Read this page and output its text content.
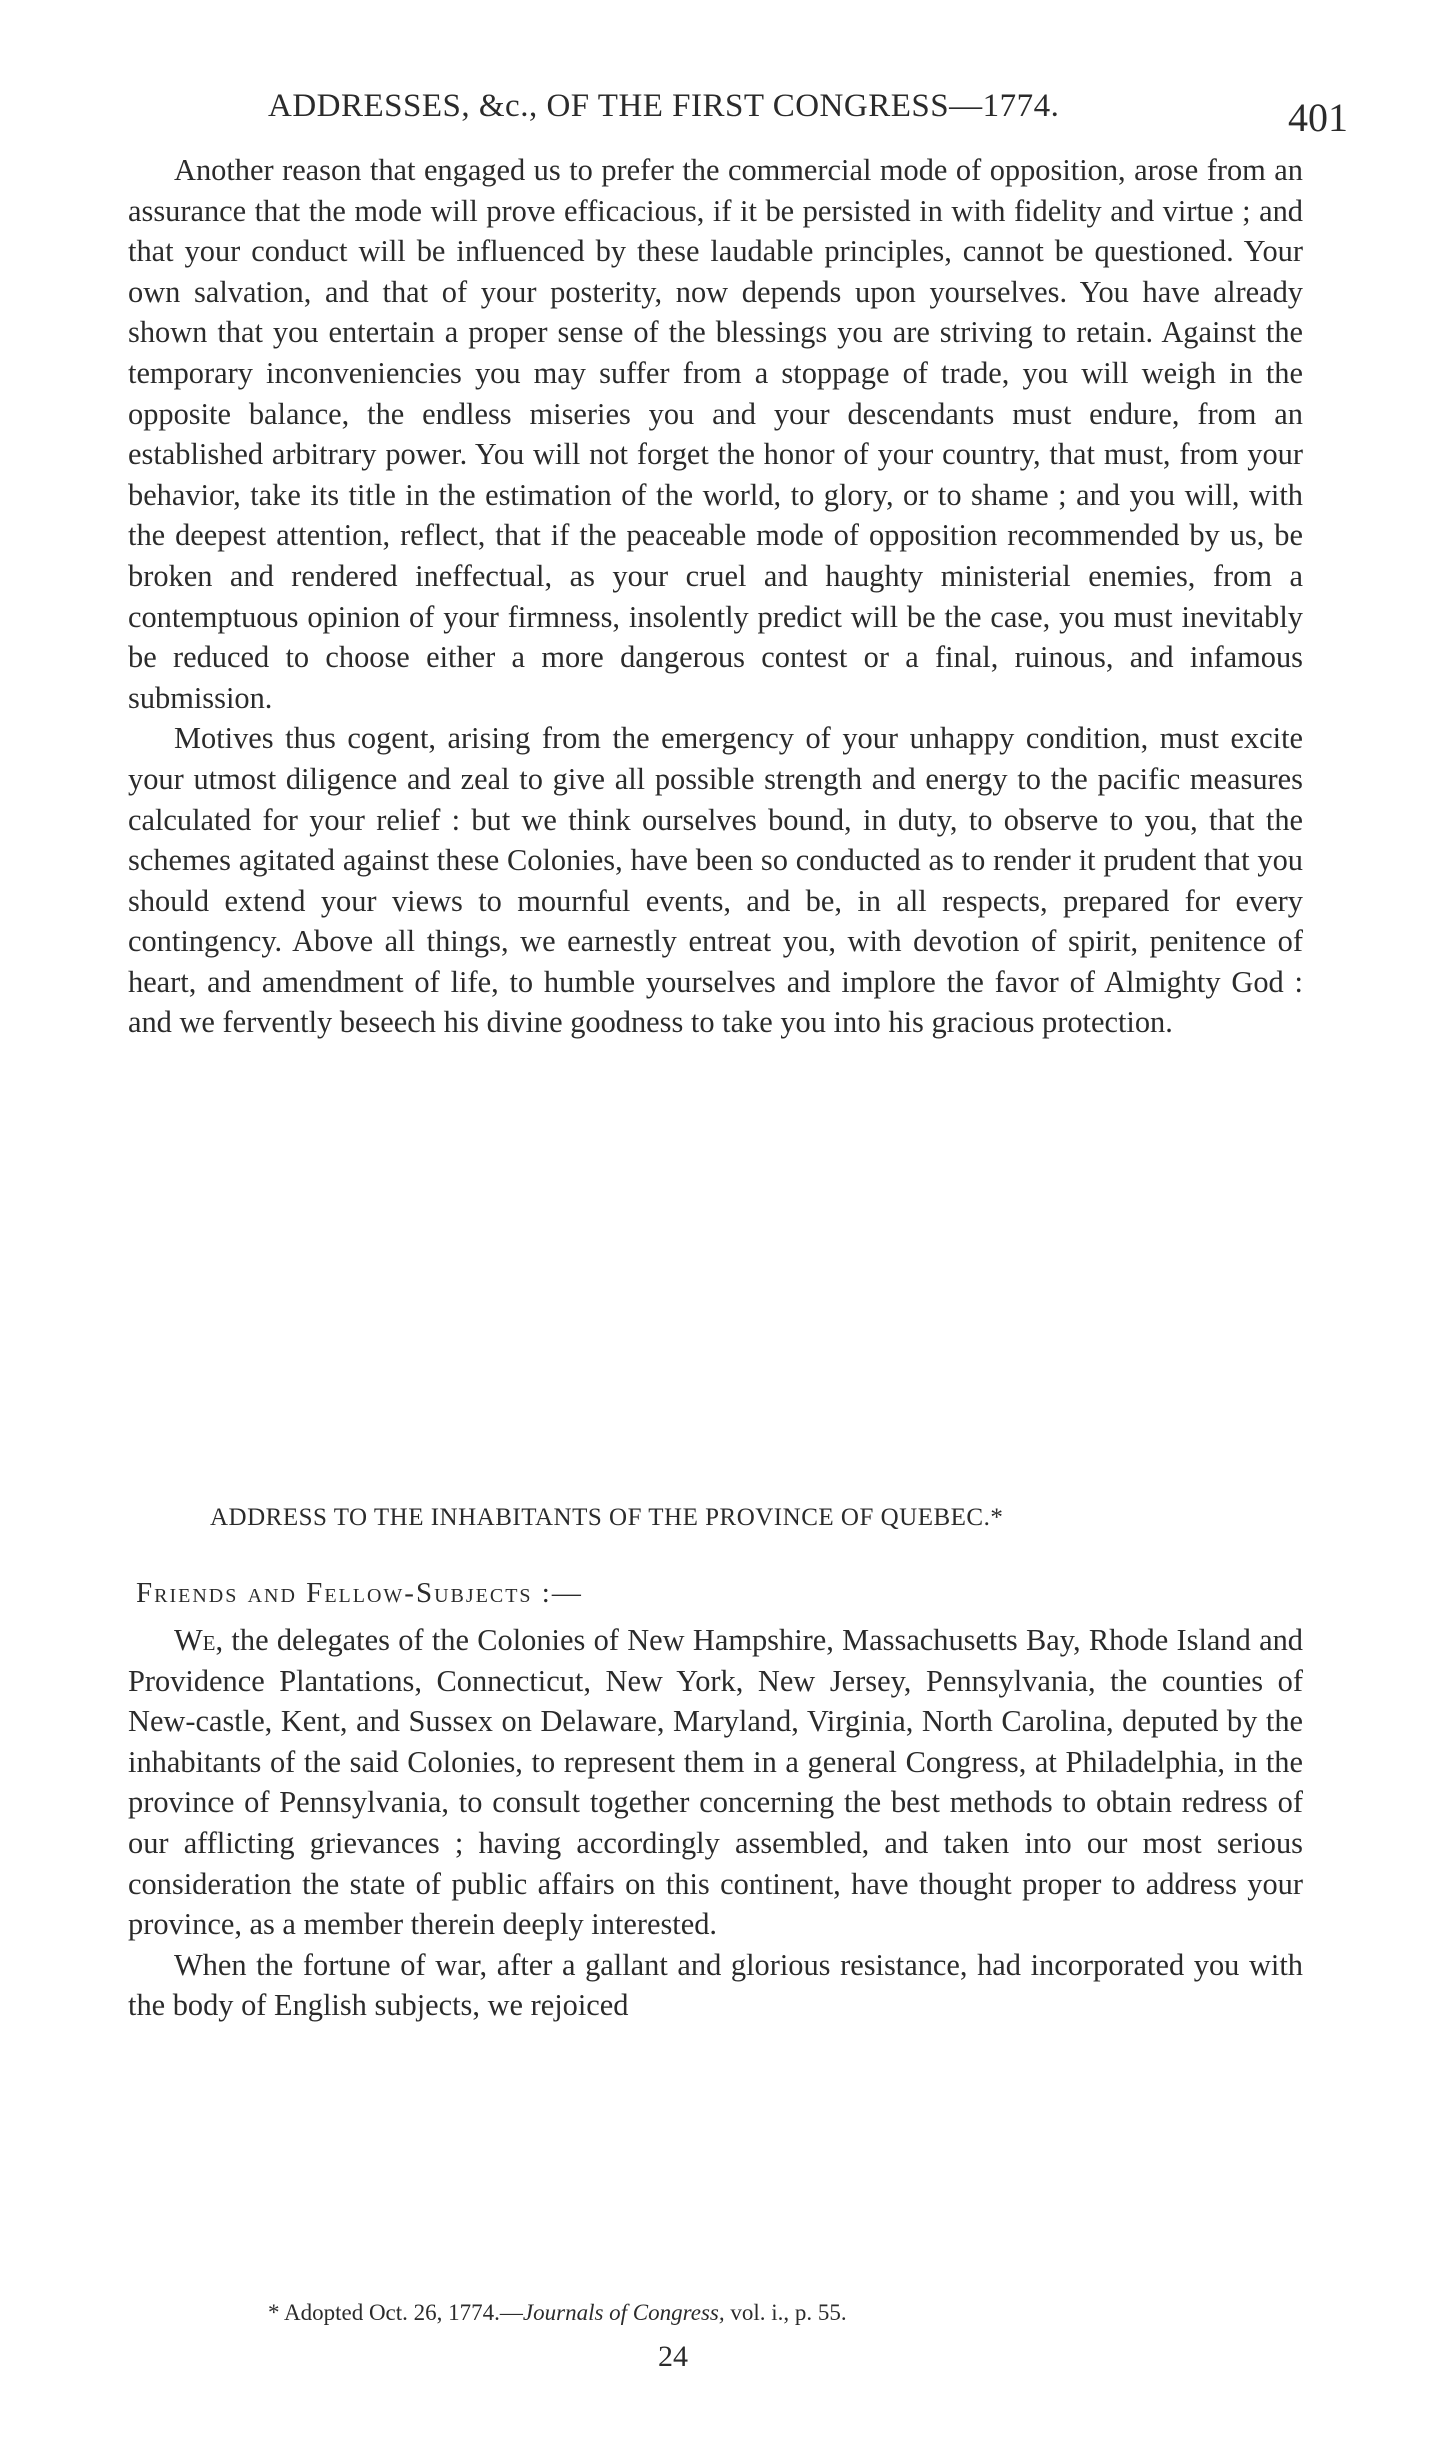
ADDRESSES, &c., OF THE FIRST CONGRESS—1774.	401

Another reason that engaged us to prefer the commercial mode of opposition, arose from an assurance that the mode will prove efficacious, if it be persisted in with fidelity and virtue ; and that your conduct will be influenced by these laudable principles, cannot be questioned. Your own salvation, and that of your posterity, now depends upon yourselves. You have already shown that you entertain a proper sense of the blessings you are striving to retain. Against the temporary inconveniencies you may suffer from a stoppage of trade, you will weigh in the opposite balance, the endless miseries you and your descendants must endure, from an established arbitrary power. You will not forget the honor of your country, that must, from your behavior, take its title in the estimation of the world, to glory, or to shame ; and you will, with the deepest attention, reflect, that if the peaceable mode of opposition recommended by us, be broken and rendered ineffectual, as your cruel and haughty ministerial enemies, from a contemptuous opinion of your firmness, insolently predict will be the case, you must inevitably be reduced to choose either a more dangerous contest or a final, ruinous, and infamous submission.

Motives thus cogent, arising from the emergency of your unhappy condition, must excite your utmost diligence and zeal to give all possible strength and energy to the pacific measures calculated for your relief : but we think ourselves bound, in duty, to observe to you, that the schemes agitated against these Colonies, have been so conducted as to render it prudent that you should extend your views to mournful events, and be, in all respects, prepared for every contingency. Above all things, we earnestly entreat you, with devotion of spirit, penitence of heart, and amendment of life, to humble yourselves and implore the favor of Almighty God : and we fervently beseech his divine goodness to take you into his gracious protection.

ADDRESS TO THE INHABITANTS OF THE PROVINCE OF QUEBEC.*
Friends and Fellow-Subjects :—

We, the delegates of the Colonies of New Hampshire, Massachusetts Bay, Rhode Island and Providence Plantations, Connecticut, New York, New Jersey, Pennsylvania, the counties of New-castle, Kent, and Sussex on Delaware, Maryland, Virginia, North Carolina, deputed by the inhabitants of the said Colonies, to represent them in a general Congress, at Philadelphia, in the province of Pennsylvania, to consult together concerning the best methods to obtain redress of our afflicting grievances ; having accordingly assembled, and taken into our most serious consideration the state of public affairs on this continent, have thought proper to address your province, as a member therein deeply interested.

When the fortune of war, after a gallant and glorious resistance, had incorporated you with the body of English subjects, we rejoiced

* Adopted Oct. 26, 1774.—Journals of Congress, vol. i., p. 55.
24
